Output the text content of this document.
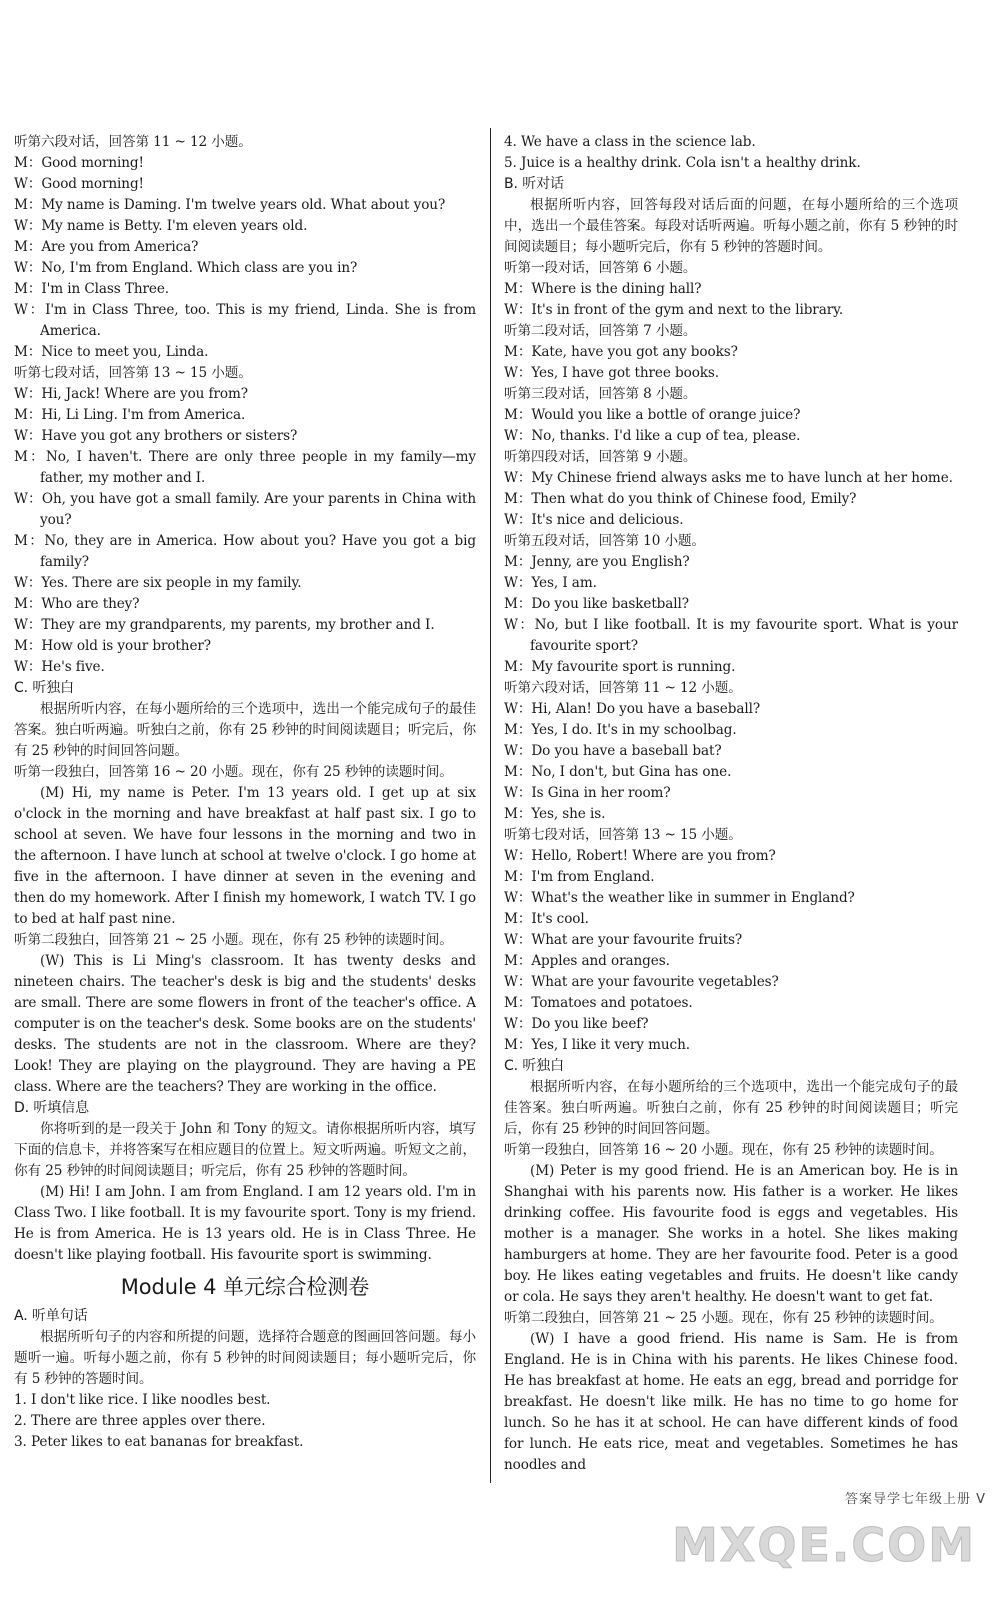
听第六段对话，回答第 11 ~ 12 小题。
M：Good morning!
W：Good morning!
M：My name is Daming. I'm twelve years old. What about you?
W：My name is Betty. I'm eleven years old.
M：Are you from America?
W：No, I'm from England. Which class are you in?
M：I'm in Class Three.
W：I'm in Class Three, too. This is my friend, Linda. She is from America.
M：Nice to meet you, Linda.
听第七段对话，回答第 13 ~ 15 小题。
W：Hi, Jack! Where are you from?
M：Hi, Li Ling. I'm from America.
W：Have you got any brothers or sisters?
M：No, I haven't. There are only three people in my family—my father, my mother and I.
W：Oh, you have got a small family. Are your parents in China with you?
M：No, they are in America. How about you? Have you got a big family?
W：Yes. There are six people in my family.
M：Who are they?
W：They are my grandparents, my parents, my brother and I.
M：How old is your brother?
W：He's five.
C. 听独白
根据所听内容，在每小题所给的三个选项中，选出一个能完成句子的最佳答案。独白听两遍。听独白之前，你有 25 秒钟的时间阅读题目；听完后，你有 25 秒钟的时间回答问题。
听第一段独白，回答第 16 ~ 20 小题。现在，你有 25 秒钟的读题时间。
(M) Hi, my name is Peter. I'm 13 years old. I get up at six o'clock in the morning and have breakfast at half past six. I go to school at seven. We have four lessons in the morning and two in the afternoon. I have lunch at school at twelve o'clock. I go home at five in the afternoon. I have dinner at seven in the evening and then do my homework. After I finish my homework, I watch TV. I go to bed at half past nine.
听第二段独白，回答第 21 ~ 25 小题。现在，你有 25 秒钟的读题时间。
(W) This is Li Ming's classroom. It has twenty desks and nineteen chairs. The teacher's desk is big and the students' desks are small. There are some flowers in front of the teacher's office. A computer is on the teacher's desk. Some books are on the students' desks. The students are not in the classroom. Where are they? Look! They are playing on the playground. They are having a PE class. Where are the teachers? They are working in the office.
D. 听填信息
你将听到的是一段关于 John 和 Tony 的短文。请你根据所听内容，填写下面的信息卡，并将答案写在相应题目的位置上。短文听两遍。听短文之前，你有 25 秒钟的时间阅读题目；听完后，你有 25 秒钟的答题时间。
(M) Hi! I am John. I am from England. I am 12 years old. I'm in Class Two. I like football. It is my favourite sport. Tony is my friend. He is from America. He is 13 years old. He is in Class Three. He doesn't like playing football. His favourite sport is swimming.
Module 4 单元综合检测卷
A. 听单句话
根据所听句子的内容和所提的问题，选择符合题意的图画回答问题。每小题听一遍。听每小题之前，你有 5 秒钟的时间阅读题目；每小题听完后，你有 5 秒钟的答题时间。
1. I don't like rice. I like noodles best.
2. There are three apples over there.
3. Peter likes to eat bananas for breakfast.
4. We have a class in the science lab.
5. Juice is a healthy drink. Cola isn't a healthy drink.
B. 听对话
根据所听内容，回答每段对话后面的问题，在每小题所给的三个选项中，选出一个最佳答案。每段对话听两遍。听每小题之前，你有 5 秒钟的时间阅读题目；每小题听完后，你有 5 秒钟的答题时间。
听第一段对话，回答第 6 小题。
M：Where is the dining hall?
W：It's in front of the gym and next to the library.
听第二段对话，回答第 7 小题。
M：Kate, have you got any books?
W：Yes, I have got three books.
听第三段对话，回答第 8 小题。
M：Would you like a bottle of orange juice?
W：No, thanks. I'd like a cup of tea, please.
听第四段对话，回答第 9 小题。
W：My Chinese friend always asks me to have lunch at her home.
M：Then what do you think of Chinese food, Emily?
W：It's nice and delicious.
听第五段对话，回答第 10 小题。
M：Jenny, are you English?
W：Yes, I am.
M：Do you like basketball?
W：No, but I like football. It is my favourite sport. What is your favourite sport?
M：My favourite sport is running.
听第六段对话，回答第 11 ~ 12 小题。
W：Hi, Alan! Do you have a baseball?
M：Yes, I do. It's in my schoolbag.
W：Do you have a baseball bat?
M：No, I don't, but Gina has one.
W：Is Gina in her room?
M：Yes, she is.
听第七段对话，回答第 13 ~ 15 小题。
W：Hello, Robert! Where are you from?
M：I'm from England.
W：What's the weather like in summer in England?
M：It's cool.
W：What are your favourite fruits?
M：Apples and oranges.
W：What are your favourite vegetables?
M：Tomatoes and potatoes.
W：Do you like beef?
M：Yes, I like it very much.
C. 听独白
根据所听内容，在每小题所给的三个选项中，选出一个能完成句子的最佳答案。独白听两遍。听独白之前，你有 25 秒钟的时间阅读题目；听完后，你有 25 秒钟的时间回答问题。
听第一段独白，回答第 16 ~ 20 小题。现在，你有 25 秒钟的读题时间。
(M) Peter is my good friend. He is an American boy. He is in Shanghai with his parents now. His father is a worker. He likes drinking coffee. His favourite food is eggs and vegetables. His mother is a manager. She works in a hotel. She likes making hamburgers at home. They are her favourite food. Peter is a good boy. He likes eating vegetables and fruits. He doesn't like candy or cola. He says they aren't healthy. He doesn't want to get fat.
听第二段独白，回答第 21 ~ 25 小题。现在，你有 25 秒钟的读题时间。
(W) I have a good friend. His name is Sam. He is from England. He is in China with his parents. He likes Chinese food. He has breakfast at home. He eats an egg, bread and porridge for breakfast. He doesn't like milk. He has no time to go home for lunch. So he has it at school. He can have different kinds of food for lunch. He eats rice, meat and vegetables. Sometimes he has noodles and
答案导学七年级上册 V
MXQE.COM
